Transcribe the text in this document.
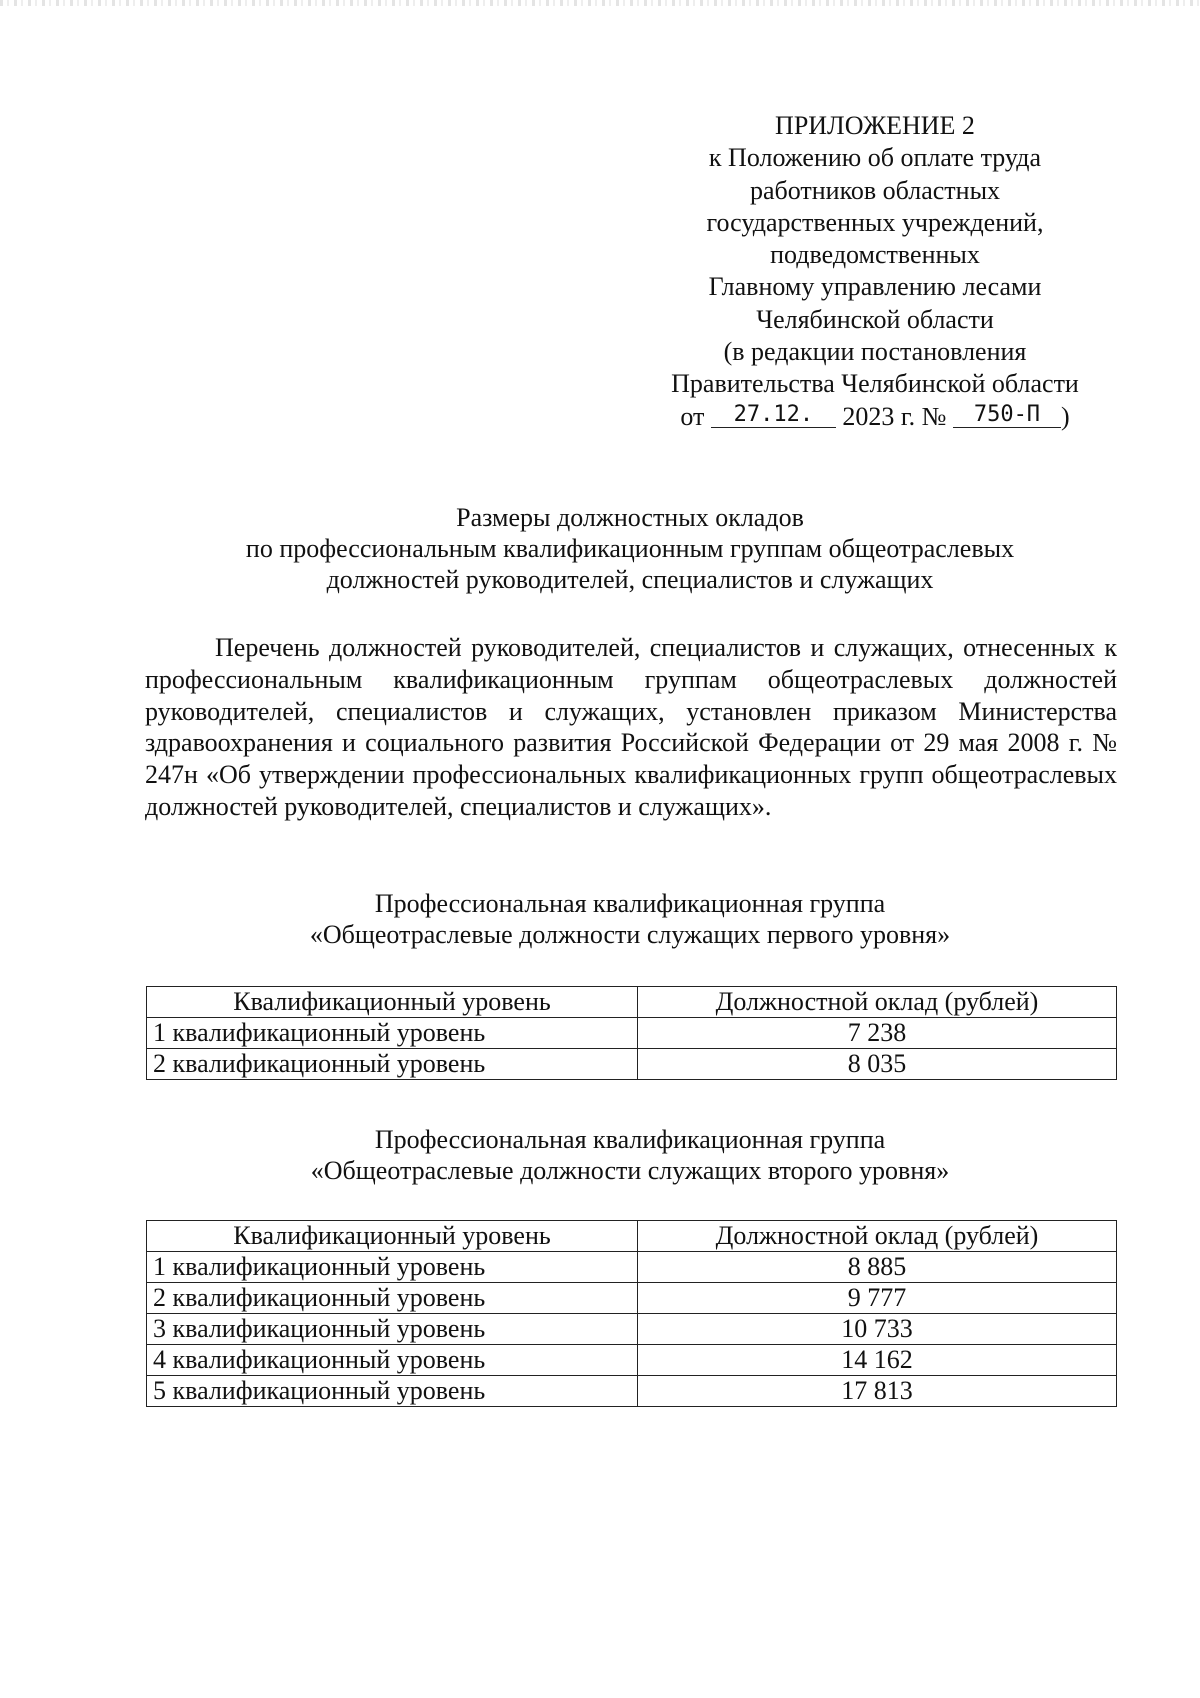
ПРИЛОЖЕНИЕ 2
к Положению об оплате труда
работников областных
государственных учреждений,
подведомственных
Главному управлению лесами
Челябинской области
(в редакции постановления
Правительства Челябинской области
от 27.12. 2023 г. № 750-П )
Размеры должностных окладов
по профессиональным квалификационным группам общеотраслевых
должностей руководителей, специалистов и служащих

Перечень должностей руководителей, специалистов и служащих, отнесенных к профессиональным квалификационным группам общеотраслевых должностей руководителей, специалистов и служащих, установлен приказом Министерства здравоохранения и социального развития Российской Федерации от 29 мая 2008 г. № 247н «Об утверждении профессиональных квалификационных групп общеотраслевых должностей руководителей, специалистов и служащих».

Профессиональная квалификационная группа
«Общеотраслевые должности служащих первого уровня»
Квалификационный уровень	Должностной оклад (рублей)
1 квалификационный уровень	7 238
2 квалификационный уровень	8 035
Профессиональная квалификационная группа
«Общеотраслевые должности служащих второго уровня»
Квалификационный уровень	Должностной оклад (рублей)
1 квалификационный уровень	8 885
2 квалификационный уровень	9 777
3 квалификационный уровень	10 733
4 квалификационный уровень	14 162
5 квалификационный уровень	17 813
